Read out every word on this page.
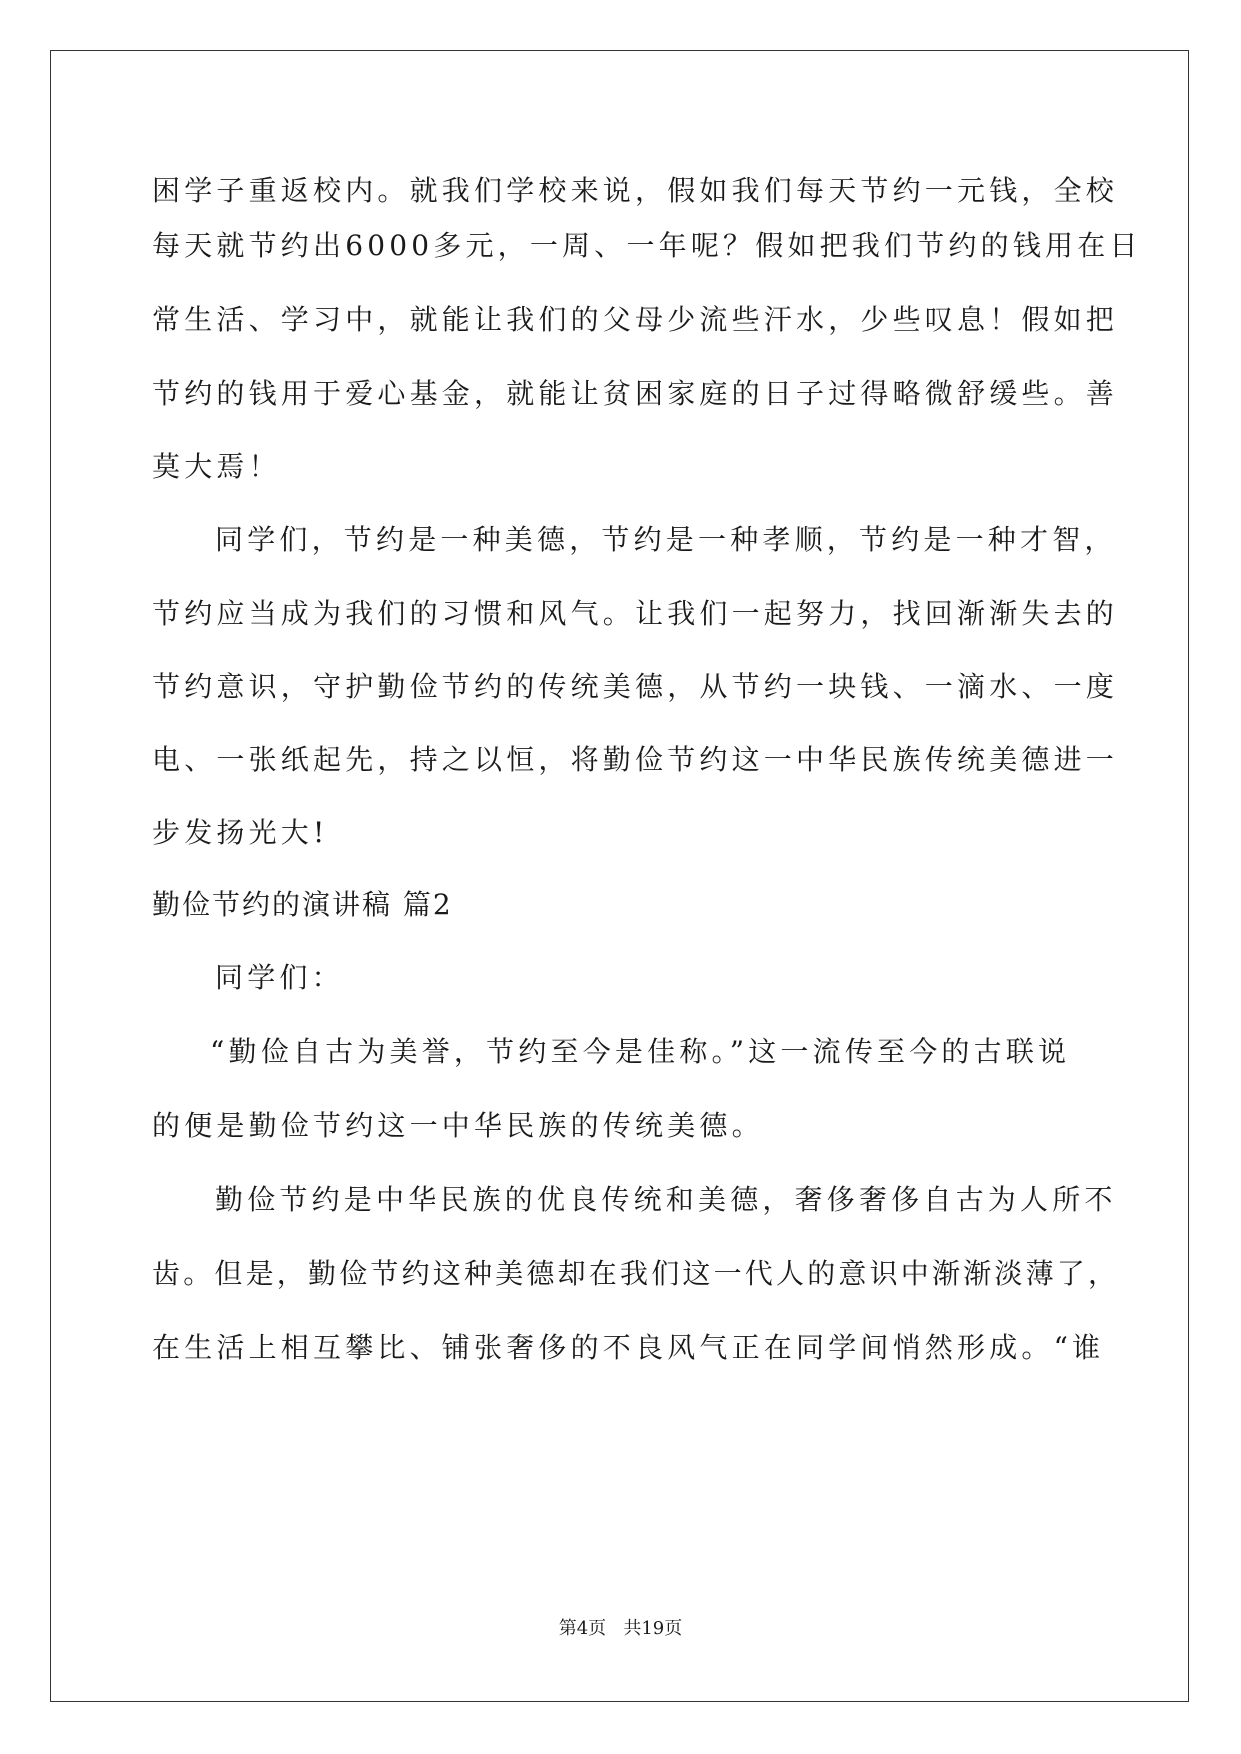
困学子重返校内。就我们学校来说，假如我们每天节约一元钱，全校
每天就节约出6000多元，一周、一年呢？假如把我们节约的钱用在日
常生活、学习中，就能让我们的父母少流些汗水，少些叹息！假如把
节约的钱用于爱心基金，就能让贫困家庭的日子过得略微舒缓些。善
莫大焉！
同学们，节约是一种美德，节约是一种孝顺，节约是一种才智，
节约应当成为我们的习惯和风气。让我们一起努力，找回渐渐失去的
节约意识，守护勤俭节约的传统美德，从节约一块钱、一滴水、一度
电、一张纸起先，持之以恒，将勤俭节约这一中华民族传统美德进一
步发扬光大!
勤俭节约的演讲稿 篇2
同学们：
“勤俭自古为美誉，节约至今是佳称。”这一流传至今的古联说
的便是勤俭节约这一中华民族的传统美德。
勤俭节约是中华民族的优良传统和美德，奢侈奢侈自古为人所不
齿。但是，勤俭节约这种美德却在我们这一代人的意识中渐渐淡薄了，
在生活上相互攀比、铺张奢侈的不良风气正在同学间悄然形成。“谁
第4页   共19页
